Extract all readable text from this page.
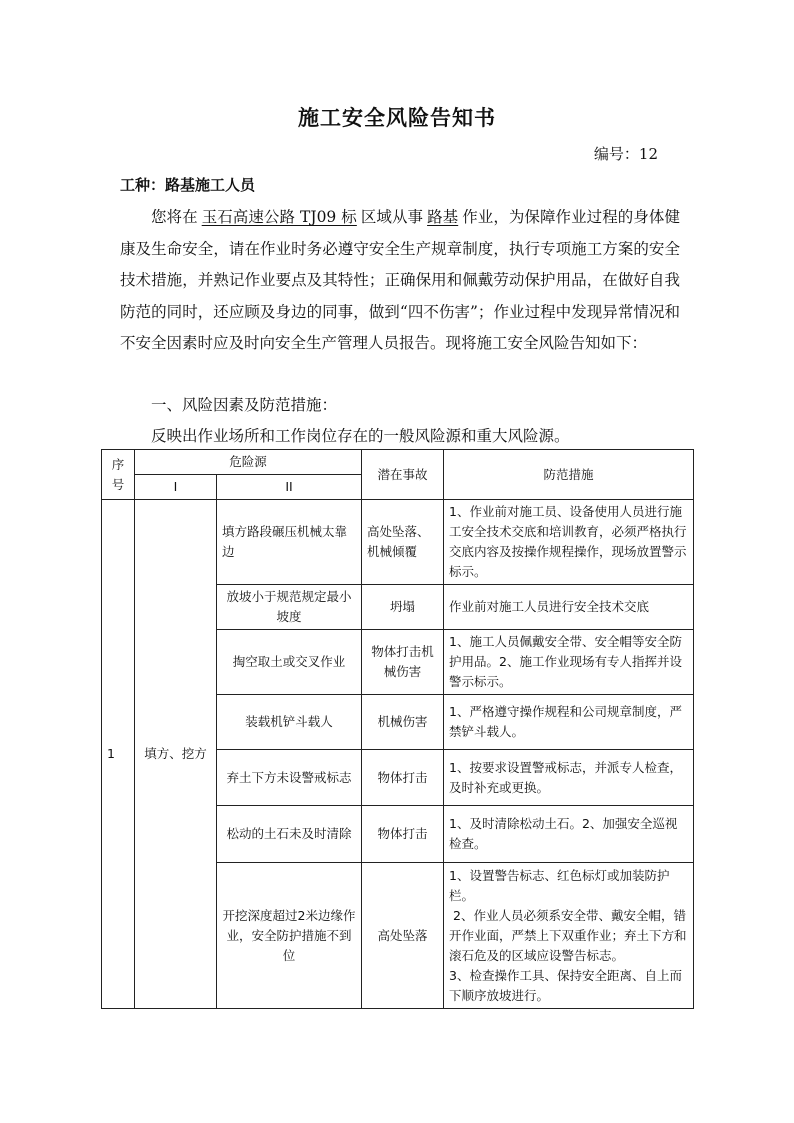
施工安全风险告知书
编号：12
工种：路基施工人员
您将在 玉石高速公路 TJ09 标 区域从事 路基 作业，为保障作业过程的身体健康及生命安全，请在作业时务必遵守安全生产规章制度，执行专项施工方案的安全技术措施，并熟记作业要点及其特性；正确保用和佩戴劳动保护用品，在做好自我防范的同时，还应顾及身边的同事，做到“四不伤害”；作业过程中发现异常情况和不安全因素时应及时向安全生产管理人员报告。现将施工安全风险告知如下：
一、风险因素及防范措施：
反映出作业场所和工作岗位存在的一般风险源和重大风险源。
序号	危险源		潜在事故	防范措施
	I	II		
1	填方、挖方	填方路段碾压机械太靠边	高处坠落、机械倾覆	1、作业前对施工员、设备使用人员进行施工安全技术交底和培训教育，必须严格执行交底内容及按操作规程操作，现场放置警示标示。
		放坡小于规范规定最小坡度	坍塌	作业前对施工人员进行安全技术交底
		掏空取土或交叉作业	物体打击机械伤害	1、施工人员佩戴安全带、安全帽等安全防护用品。2、施工作业现场有专人指挥并设警示标示。
		装载机铲斗载人	机械伤害	1、严格遵守操作规程和公司规章制度，严禁铲斗载人。
		弃土下方未设警戒标志	物体打击	1、按要求设置警戒标志，并派专人检查，及时补充或更换。
		松动的土石未及时清除	物体打击	1、及时清除松动土石。2、加强安全巡视检查。
		开挖深度超过2米边缘作业，安全防护措施不到位	高处坠落	1、设置警告标志、红色标灯或加装防护栏。
2、作业人员必须系安全带、戴安全帽，错开作业面，严禁上下双重作业；弃土下方和滚石危及的区域应设警告标志。
3、检查操作工具、保持安全距离、自上而下顺序放坡进行。
